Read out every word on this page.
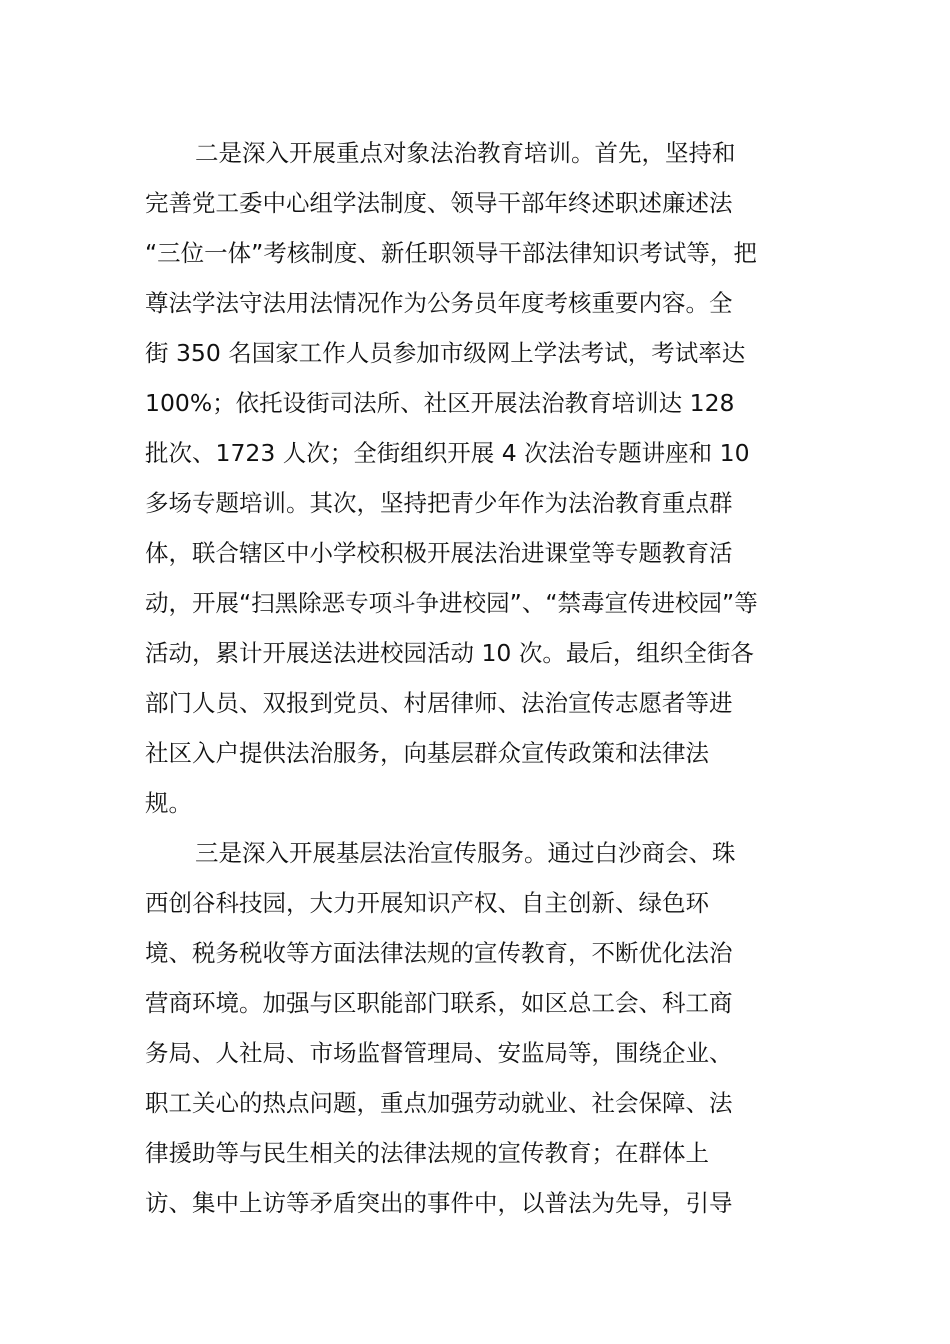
二是深入开展重点对象法治教育培训。首先，坚持和
完善党工委中心组学法制度、领导干部年终述职述廉述法
“三位一体”考核制度、新任职领导干部法律知识考试等，把
尊法学法守法用法情况作为公务员年度考核重要内容。全
街 350 名国家工作人员参加市级网上学法考试，考试率达
100%；依托设街司法所、社区开展法治教育培训达 128
批次、1723 人次；全街组织开展 4 次法治专题讲座和 10
多场专题培训。其次，坚持把青少年作为法治教育重点群
体，联合辖区中小学校积极开展法治进课堂等专题教育活
动，开展“扫黑除恶专项斗争进校园”、“禁毒宣传进校园”等
活动，累计开展送法进校园活动 10 次。最后，组织全街各
部门人员、双报到党员、村居律师、法治宣传志愿者等进
社区入户提供法治服务，向基层群众宣传政策和法律法
规。
三是深入开展基层法治宣传服务。通过白沙商会、珠
西创谷科技园，大力开展知识产权、自主创新、绿色环
境、税务税收等方面法律法规的宣传教育，不断优化法治
营商环境。加强与区职能部门联系，如区总工会、科工商
务局、人社局、市场监督管理局、安监局等，围绕企业、
职工关心的热点问题，重点加强劳动就业、社会保障、法
律援助等与民生相关的法律法规的宣传教育；在群体上
访、集中上访等矛盾突出的事件中，以普法为先导，引导
